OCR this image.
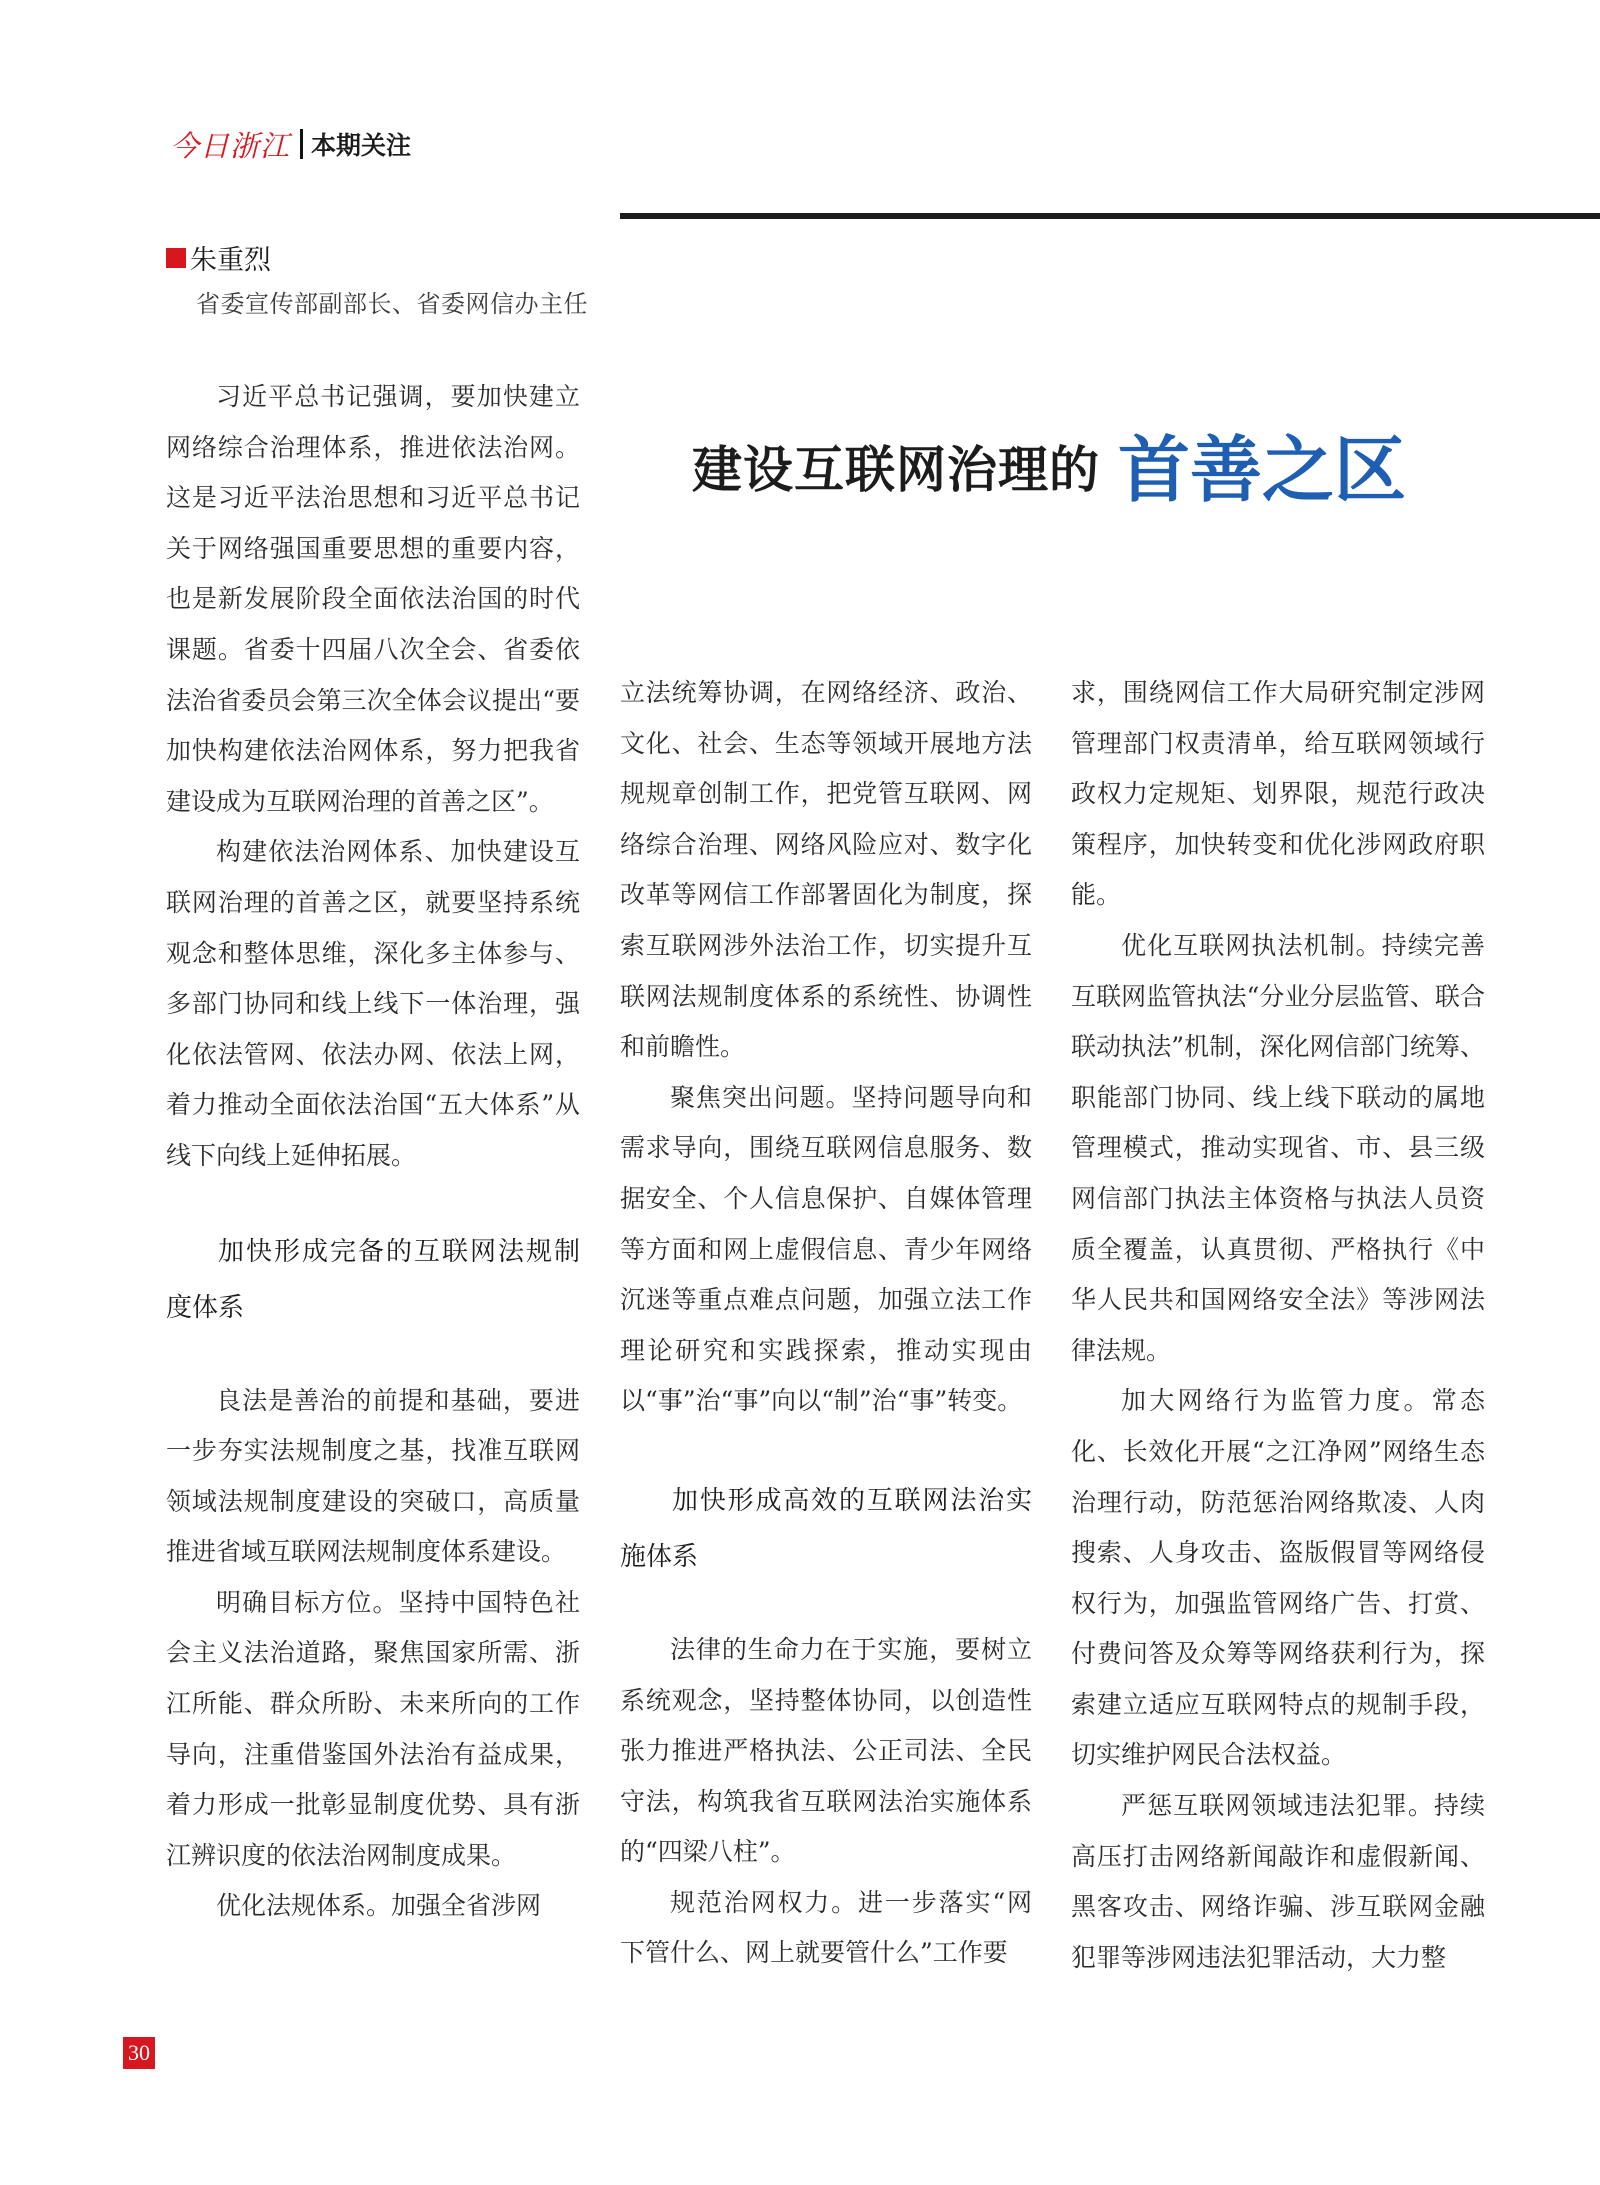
今日浙江 本期关注
朱重烈
省委宣传部副部长、省委网信办主任
建设互联网治理的 首善之区

习近平总书记强调，要加快建立网络综合治理体系，推进依法治网。这是习近平法治思想和习近平总书记关于网络强国重要思想的重要内容，也是新发展阶段全面依法治国的时代课题。省委十四届八次全会、省委依法治省委员会第三次全体会议提出“要加快构建依法治网体系，努力把我省建设成为互联网治理的首善之区”。

构建依法治网体系、加快建设互联网治理的首善之区，就要坚持系统观念和整体思维，深化多主体参与、多部门协同和线上线下一体治理，强化依法管网、依法办网、依法上网，着力推动全面依法治国“五大体系”从线下向线上延伸拓展。

加快形成完备的互联网法规制度体系

良法是善治的前提和基础，要进一步夯实法规制度之基，找准互联网领域法规制度建设的突破口，高质量推进省域互联网法规制度体系建设。

明确目标方位。坚持中国特色社会主义法治道路，聚焦国家所需、浙江所能、群众所盼、未来所向的工作导向，注重借鉴国外法治有益成果，着力形成一批彰显制度优势、具有浙江辨识度的依法治网制度成果。

优化法规体系。加强全省涉网

立法统筹协调，在网络经济、政治、文化、社会、生态等领域开展地方法规规章创制工作，把党管互联网、网络综合治理、网络风险应对、数字化改革等网信工作部署固化为制度，探索互联网涉外法治工作，切实提升互联网法规制度体系的系统性、协调性和前瞻性。

聚焦突出问题。坚持问题导向和需求导向，围绕互联网信息服务、数据安全、个人信息保护、自媒体管理等方面和网上虚假信息、青少年网络沉迷等重点难点问题，加强立法工作理论研究和实践探索，推动实现由以“事”治“事”向以“制”治“事”转变。

加快形成高效的互联网法治实施体系

法律的生命力在于实施，要树立系统观念，坚持整体协同，以创造性张力推进严格执法、公正司法、全民守法，构筑我省互联网法治实施体系的“四梁八柱”。

规范治网权力。进一步落实“网下管什么、网上就要管什么”工作要

求，围绕网信工作大局研究制定涉网管理部门权责清单，给互联网领域行政权力定规矩、划界限，规范行政决策程序，加快转变和优化涉网政府职能。

优化互联网执法机制。持续完善互联网监管执法“分业分层监管、联合联动执法”机制，深化网信部门统筹、职能部门协同、线上线下联动的属地管理模式，推动实现省、市、县三级网信部门执法主体资格与执法人员资质全覆盖，认真贯彻、严格执行《中华人民共和国网络安全法》等涉网法律法规。

加大网络行为监管力度。常态化、长效化开展“之江净网”网络生态治理行动，防范惩治网络欺凌、人肉搜索、人身攻击、盗版假冒等网络侵权行为，加强监管网络广告、打赏、付费问答及众筹等网络获利行为，探索建立适应互联网特点的规制手段，切实维护网民合法权益。

严惩互联网领域违法犯罪。持续高压打击网络新闻敲诈和虚假新闻、黑客攻击、网络诈骗、涉互联网金融犯罪等涉网违法犯罪活动，大力整

30
